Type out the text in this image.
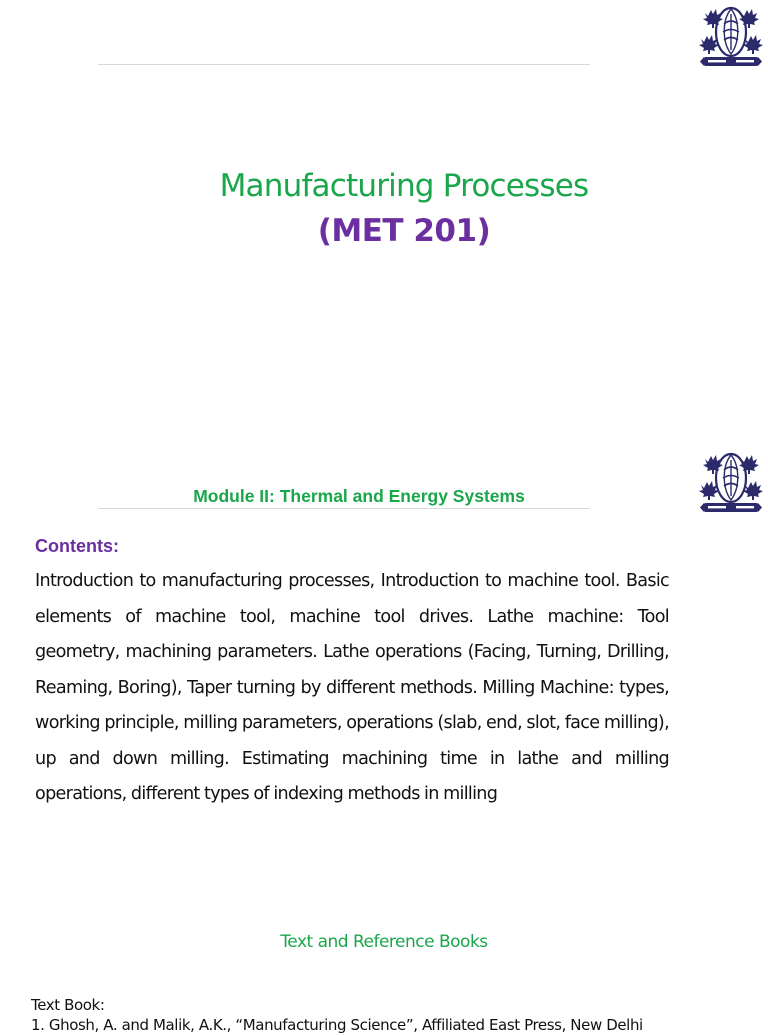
Manufacturing Processes
(MET 201)
Module II: Thermal and Energy Systems

Contents:

Introduction to manufacturing processes, Introduction to machine tool. Basic elements of machine tool, machine tool drives. Lathe machine: Tool geometry, machining parameters. Lathe operations (Facing, Turning, Drilling, Reaming, Boring), Taper turning by different methods. Milling Machine: types, working principle, milling parameters, operations (slab, end, slot, face milling), up and down milling. Estimating machining time in lathe and milling operations, different types of indexing methods in milling

Text and Reference Books

Text Book:

1. Ghosh, A. and Malik, A.K., “Manufacturing Science”, Affiliated East Press, New Delhi
